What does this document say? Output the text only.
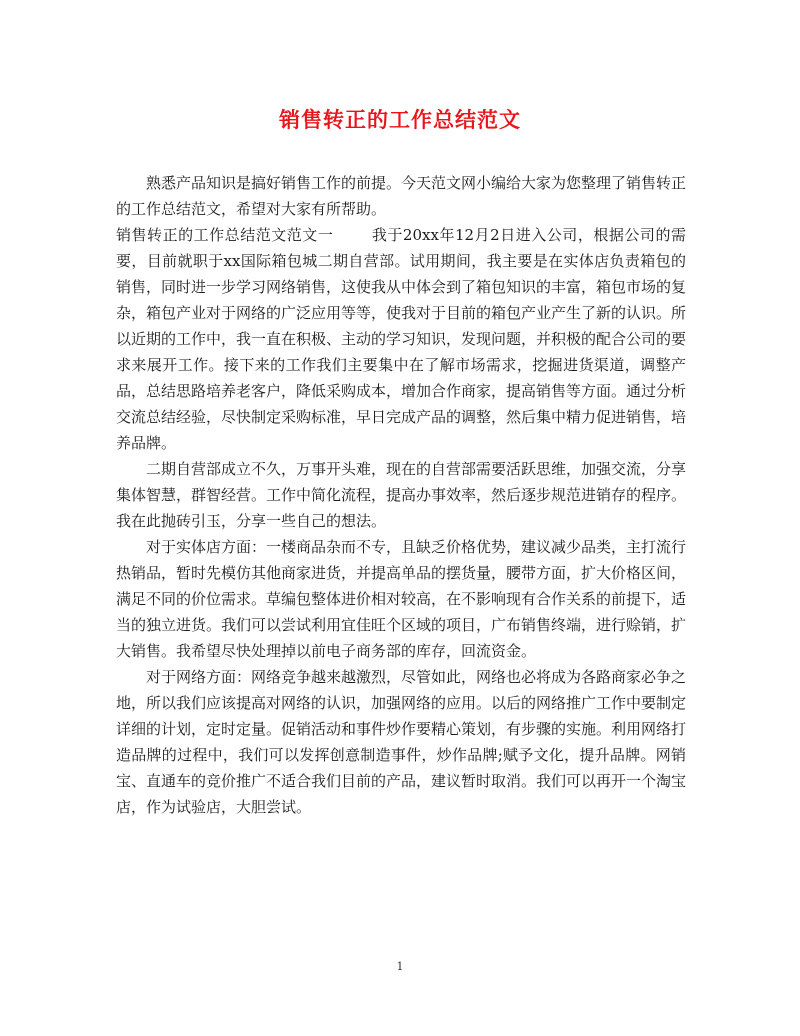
销售转正的工作总结范文

熟悉产品知识是搞好销售工作的前提。今天范文网小编给大家为您整理了销售转正的工作总结范文，希望对大家有所帮助。

销售转正的工作总结范文范文一	我于20xx年12月2日进入公司，根据公司的需要，目前就职于xx国际箱包城二期自营部。试用期间，我主要是在实体店负责箱包的销售，同时进一步学习网络销售，这使我从中体会到了箱包知识的丰富，箱包市场的复杂，箱包产业对于网络的广泛应用等等，使我对于目前的箱包产业产生了新的认识。所以近期的工作中，我一直在积极、主动的学习知识，发现问题，并积极的配合公司的要求来展开工作。接下来的工作我们主要集中在了解市场需求，挖掘进货渠道，调整产品，总结思路培养老客户，降低采购成本，增加合作商家，提高销售等方面。通过分析交流总结经验，尽快制定采购标准，早日完成产品的调整，然后集中精力促进销售，培养品牌。

二期自营部成立不久，万事开头难，现在的自营部需要活跃思维，加强交流，分享集体智慧，群智经营。工作中简化流程，提高办事效率，然后逐步规范进销存的程序。我在此抛砖引玉，分享一些自己的想法。

对于实体店方面：一楼商品杂而不专，且缺乏价格优势，建议减少品类，主打流行热销品，暂时先模仿其他商家进货，并提高单品的摆货量，腰带方面，扩大价格区间，满足不同的价位需求。草编包整体进价相对较高，在不影响现有合作关系的前提下，适当的独立进货。我们可以尝试利用宜佳旺个区域的项目，广布销售终端，进行赊销，扩大销售。我希望尽快处理掉以前电子商务部的库存，回流资金。

对于网络方面：网络竞争越来越激烈，尽管如此，网络也必将成为各路商家必争之地，所以我们应该提高对网络的认识，加强网络的应用。以后的网络推广工作中要制定详细的计划，定时定量。促销活动和事件炒作要精心策划，有步骤的实施。利用网络打造品牌的过程中，我们可以发挥创意制造事件，炒作品牌;赋予文化，提升品牌。网销宝、直通车的竞价推广不适合我们目前的产品，建议暂时取消。我们可以再开一个淘宝店，作为试验店，大胆尝试。

1
